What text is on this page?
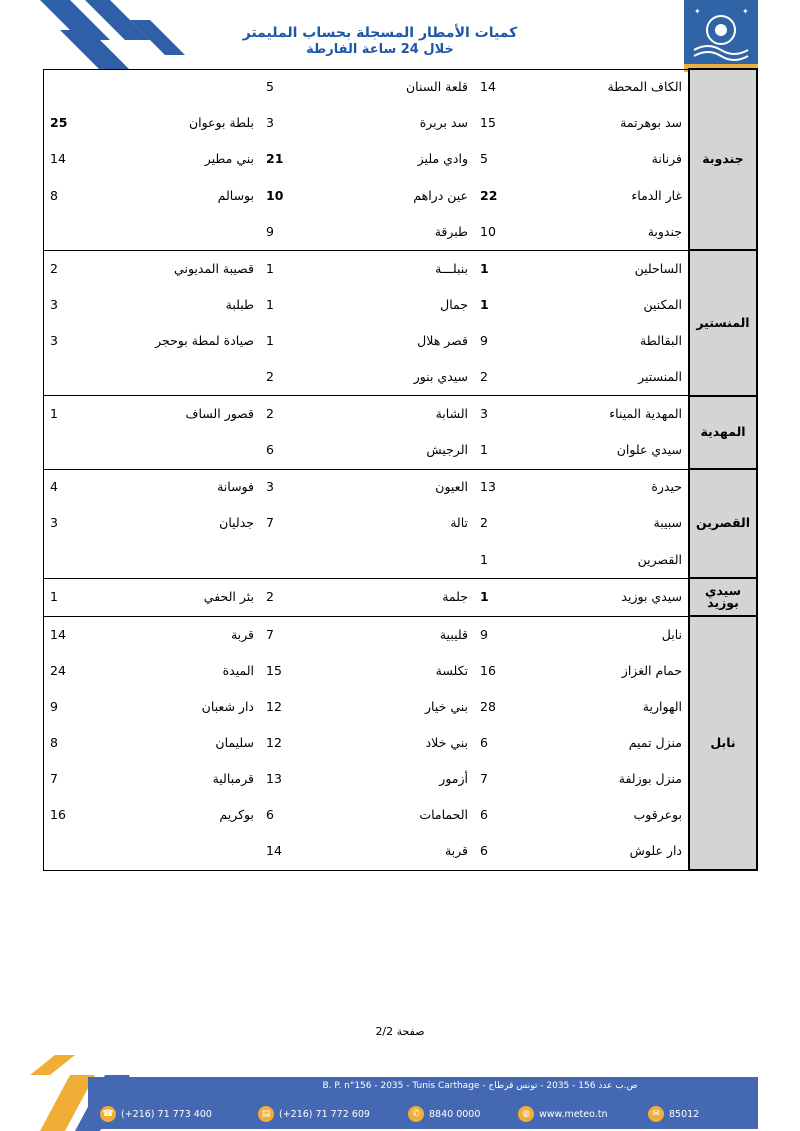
✦	✦
كميات الأمطار المسجلة بحساب المليمتر
خلال 24 ساعة الفارطة
جندوبة	الكاف المحطة	14	قلعة السنان	5		
	سد بوهرتمة	15	سد بربرة	3	بلطة بوعوان	25
	فرنانة	5	وادي مليز	21	بني مطير	14
	غار الدماء	22	عين دراهم	10	بوسالم	8
	جندوبة	10	طبرقة	9		
المنستير	الساحلين	1	بنبلـــة	1	قصيبة المديوني	2
	المكنين	1	جمال	1	طبلبة	3
	البقالطة	9	قصر هلال	1	صيادة لمطة بوحجر	3
	المنستير	2	سيدي بنور	2		
المهدية	المهدية الميناء	3	الشابة	2	قصور الساف	1
	سيدي علوان	1	الرجيش	6		
القصرين	حيدرة	13	العيون	3	فوسانة	4
	سبيبة	2	تالة	7	جدليان	3
	القصرين	1				
سيدي بوزيد	سيدي بوزيد	1	جلمة	2	بئر الحفي	1
نابل	نابل	9	قليبية	7	قربة	14
	حمام الغزاز	16	تكلسة	15	الميدة	24
	الهوارية	28	بني خيار	12	دار شعبان	9
	منزل تميم	6	بني خلاد	12	سليمان	8
	منزل بوزلفة	7	أزمور	13	قرمبالية	7
	بوعرقوب	6	الحمامات	6	بوكريم	16
	دار علوش	6	قربة	14		
صفحة 2/2
B. P. n°156 - 2035 - Tunis Carthage - ص.ب عدد 156 - 2035 - تونس قرطاج
☎ (+216) 71 773 400	▤ (+216) 71 772 609	✆ 8840 0000	◍ www.meteo.tn	✉ 85012
